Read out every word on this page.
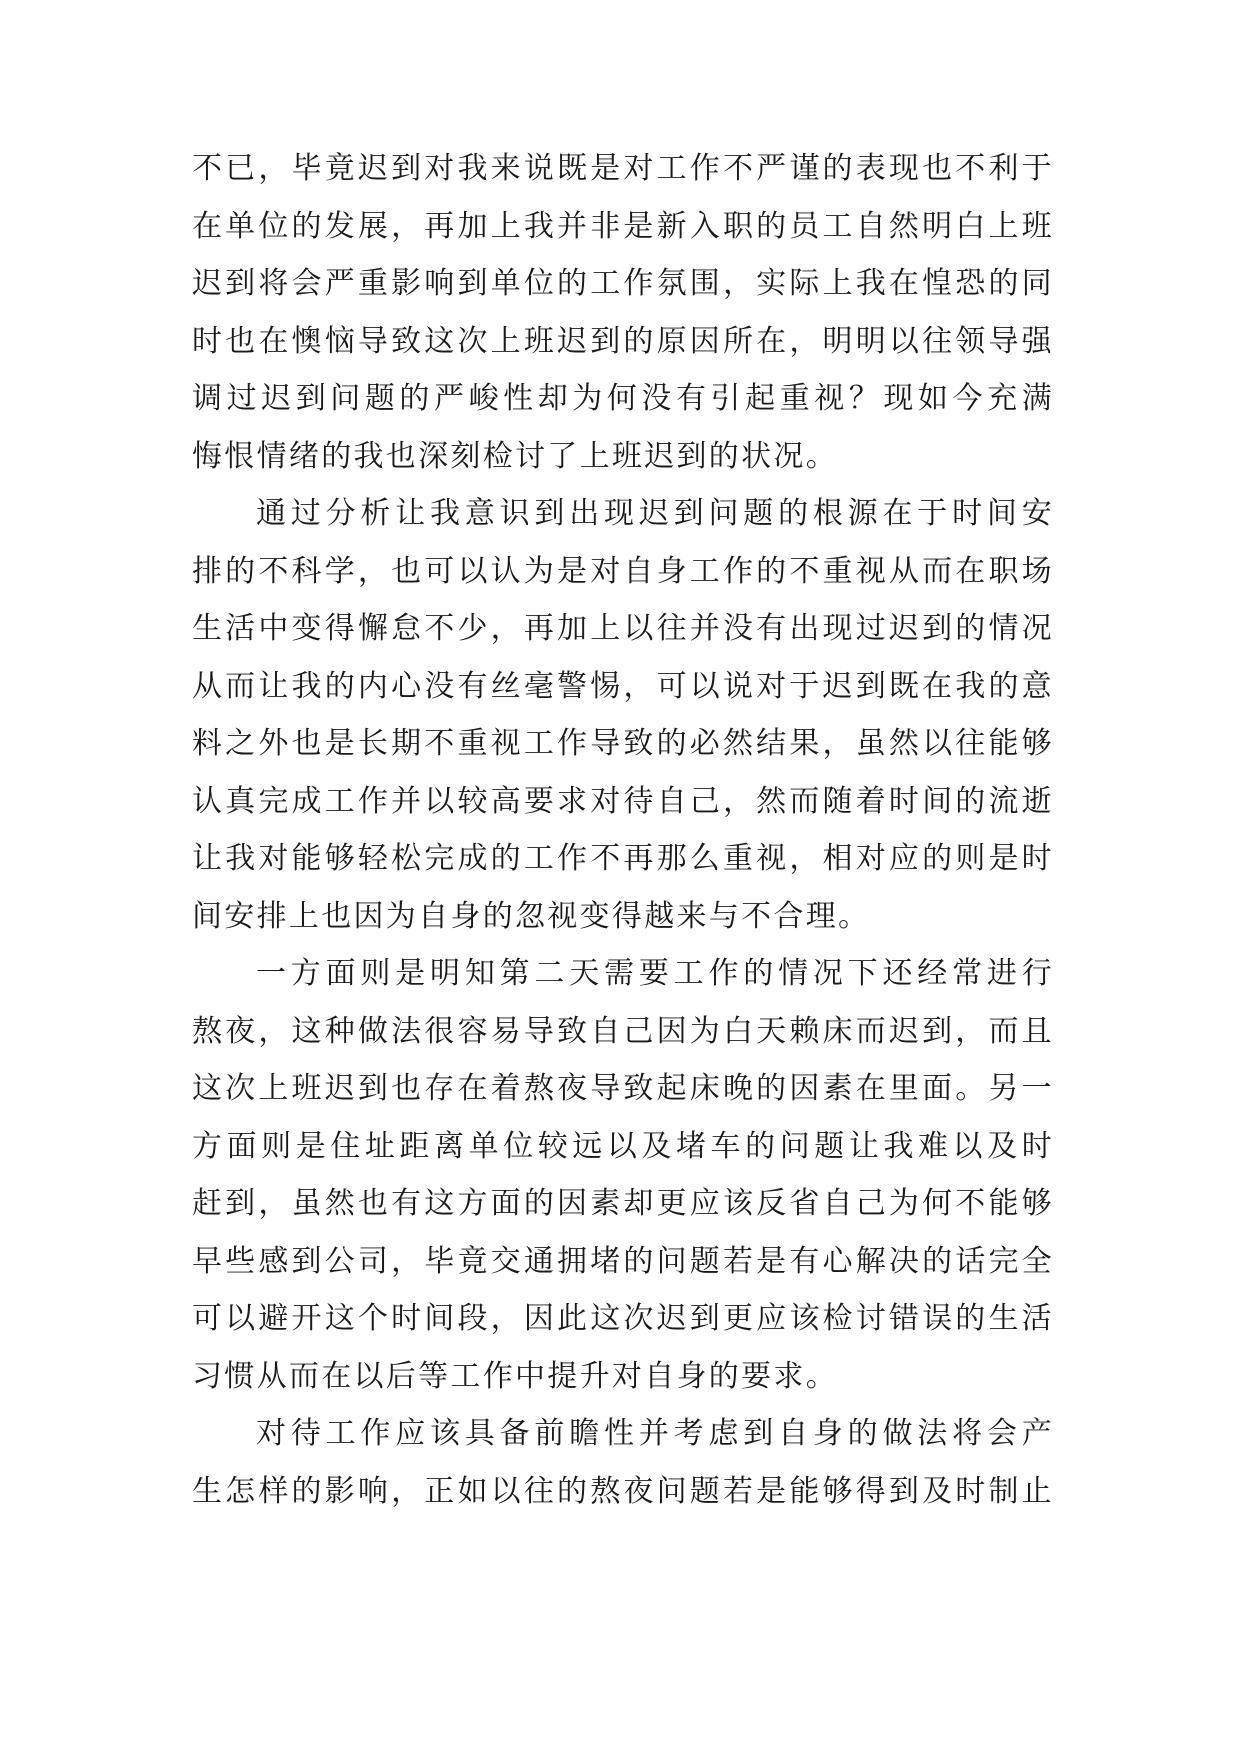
不已，毕竟迟到对我来说既是对工作不严谨的表现也不利于
在单位的发展，再加上我并非是新入职的员工自然明白上班
迟到将会严重影响到单位的工作氛围，实际上我在惶恐的同
时也在懊恼导致这次上班迟到的原因所在，明明以往领导强
调过迟到问题的严峻性却为何没有引起重视？现如今充满
悔恨情绪的我也深刻检讨了上班迟到的状况。
通过分析让我意识到出现迟到问题的根源在于时间安
排的不科学，也可以认为是对自身工作的不重视从而在职场
生活中变得懈怠不少，再加上以往并没有出现过迟到的情况
从而让我的内心没有丝毫警惕，可以说对于迟到既在我的意
料之外也是长期不重视工作导致的必然结果，虽然以往能够
认真完成工作并以较高要求对待自己，然而随着时间的流逝
让我对能够轻松完成的工作不再那么重视，相对应的则是时
间安排上也因为自身的忽视变得越来与不合理。
一方面则是明知第二天需要工作的情况下还经常进行
熬夜，这种做法很容易导致自己因为白天赖床而迟到，而且
这次上班迟到也存在着熬夜导致起床晚的因素在里面。另一
方面则是住址距离单位较远以及堵车的问题让我难以及时
赶到，虽然也有这方面的因素却更应该反省自己为何不能够
早些感到公司，毕竟交通拥堵的问题若是有心解决的话完全
可以避开这个时间段，因此这次迟到更应该检讨错误的生活
习惯从而在以后等工作中提升对自身的要求。
对待工作应该具备前瞻性并考虑到自身的做法将会产
生怎样的影响，正如以往的熬夜问题若是能够得到及时制止
